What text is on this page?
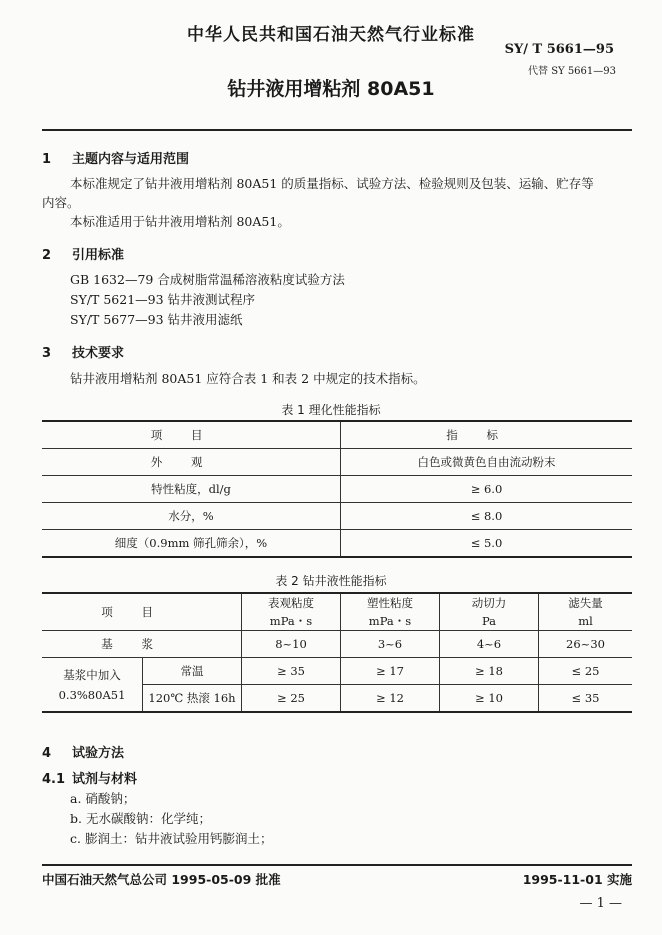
中华人民共和国石油天然气行业标准
SY/ T 5661—95
代替 SY 5661—93
钻井液用增粘剂 80A51
1 主题内容与适用范围
本标准规定了钻井液用增粘剂 80A51 的质量指标、试验方法、检验规则及包装、运输、贮存等
内容。
本标准适用于钻井液用增粘剂 80A51。
2 引用标准
GB 1632—79 合成树脂常温稀溶液粘度试验方法
SY/T 5621—93 钻井液测试程序
SY/T 5677—93 钻井液用滤纸
3 技术要求
钻井液用增粘剂 80A51 应符合表 1 和表 2 中规定的技术指标。
表 1 理化性能指标
项目	指标
外观	白色或微黄色自由流动粉末
特性粘度，dl/g	≥ 6.0
水分，%	≤ 8.0
细度（0.9mm 筛孔筛余），%	≤ 5.0
表 2 钻井液性能指标
项目		表观粘度	塑性粘度	动切力	滤失量
		mPa・s	mPa・s	Pa	ml
基浆		8~10	3~6	4~6	26~30

基浆中加入
0.3%80A51	常温	≥ 35	≥ 17	≥ 18	≤ 25
	120℃ 热滚 16h	≥ 25	≥ 12	≥ 10	≤ 35
4 试验方法
4.1 试剂与材料
a. 硝酸钠；
b. 无水碳酸钠：化学纯；
c. 膨润土：钻井液试验用钙膨润土；
中国石油天然气总公司 1995-05-09 批准	1995-11-01 实施
— 1 —
